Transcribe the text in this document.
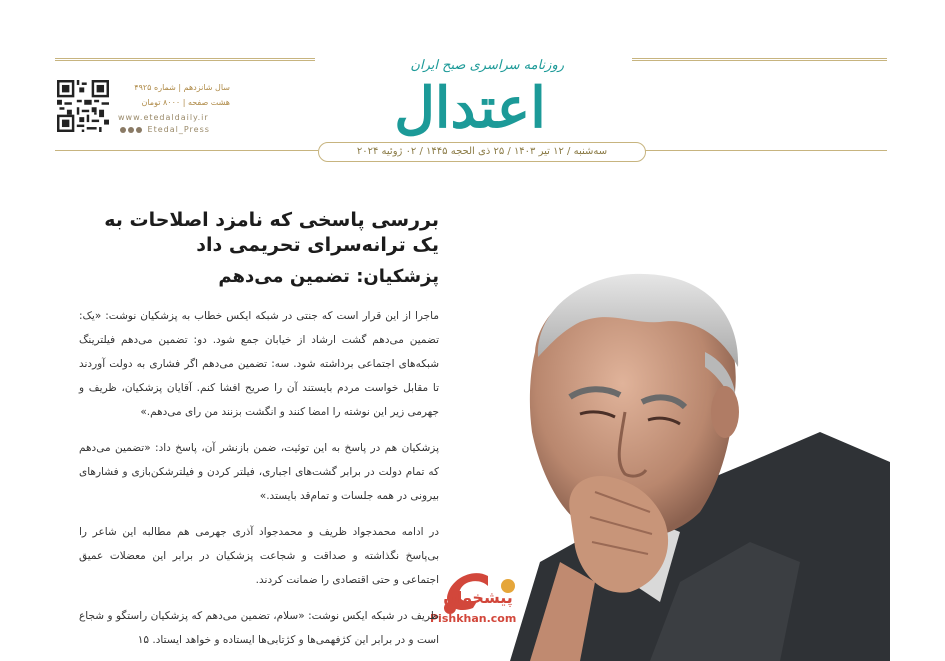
روزنامه سراسری صبح ایران
اعتدال
سه‌شنبه / ۱۲ تیر ۱۴۰۳ / ۲۵ ذی الحجه ۱۴۴۵ / ۰۲ ژوئیه ۲۰۲۴
سال شانزدهم | شماره ۴۹۲۵
هشت صفحه | ۸۰۰۰ تومان
www.etedaldaily.ir
Etedal_Press
پیشخوان
Pishkhan.com
بررسی پاسخی که نامزد اصلاحات به یک ترانه‌سرای تحریمی داد
پزشکیان: تضمین می‌دهم
ماجرا از این قرار است که جنتی در شبکه ایکس خطاب به پزشکیان نوشت: «یک: تضمین می‌دهم گشت ارشاد از خیابان جمع شود. دو: تضمین می‌دهم فیلترینگ شبکه‌های اجتماعی برداشته شود. سه: تضمین می‌دهم اگر فشاری به دولت آوردند تا مقابل خواست مردم بایستند آن را صریح افشا کنم. آقایان پزشکیان، ظریف و جهرمی زیر این نوشته را امضا کنند و انگشت بزنند من رای می‌دهم.»
پزشکیان هم در پاسخ به این توئیت، ضمن بازنشر آن، پاسخ داد: «تضمین می‌دهم که تمام دولت در برابر گشت‌های اجباری، فیلتر کردن و فیلترشکن‌بازی و فشارهای بیرونی در همه جلسات و تمام‌قد بایستد.»
در ادامه محمدجواد ظریف و محمدجواد آذری جهرمی هم مطالبه این شاعر را بی‌پاسخ نگذاشته و صداقت و شجاعت پزشکیان در برابر این معضلات عمیق اجتماعی و حتی اقتصادی را ضمانت کردند.
ظریف در شبکه ایکس نوشت: «سلام، تضمین می‌دهم که پزشکیان راستگو و شجاع است و در برابر این کژفهمی‌ها و کژتابی‌ها ایستاده و خواهد ایستاد. ۱۵
